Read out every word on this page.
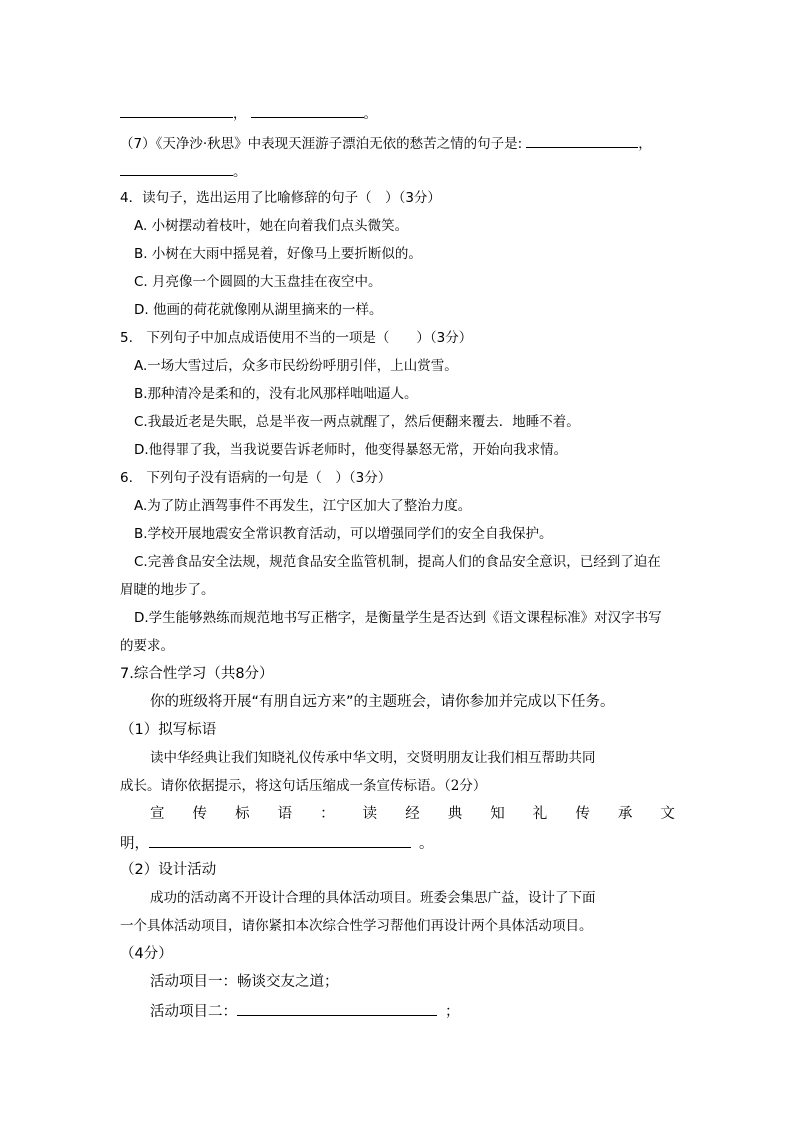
，	。
（7）《天净沙·秋思》中表现天涯游子漂泊无依的愁苦之情的句子是:	，
。
4．读句子，选出运用了比喻修辞的句子（　）（3分）
A. 小树摆动着枝叶，她在向着我们点头微笑。
B. 小树在大雨中摇晃着，好像马上要折断似的。
C. 月亮像一个圆圆的大玉盘挂在夜空中。
D. 他画的荷花就像刚从湖里摘来的一样。
5.　下列句子中加点成语使用不当的一项是（　　）（3分）
A.一场大雪过后，众多市民纷纷呼朋引伴，上山赏雪。
B.那种清冷是柔和的，没有北风那样咄咄逼人。
C.我最近老是失眠，总是半夜一两点就醒了，然后便翻来覆去．地睡不着。
D.他得罪了我，当我说要告诉老师时，他变得暴怒无常，开始向我求情。
6.　下列句子没有语病的一句是（　）（3分）
A.为了防止酒驾事件不再发生，江宁区加大了整治力度。
B.学校开展地震安全常识教育活动，可以增强同学们的安全自我保护。
C.完善食品安全法规，规范食品安全监管机制，提高人们的食品安全意识，已经到了迫在
眉睫的地步了。
D.学生能够熟练而规范地书写正楷字，是衡量学生是否达到《语文课程标准》对汉字书写
的要求。
7.综合性学习（共8分）
你的班级将开展“有朋自远方来”的主题班会，请你参加并完成以下任务。
（1）拟写标语
读中华经典让我们知晓礼仪传承中华文明，交贤明朋友让我们相互帮助共同
成长。请你依据提示，将这句话压缩成一条宣传标语。（2分）
宣 传 标 语 ： 读 经 典 知 礼 传 承 文
明，	。
（2）设计活动
成功的活动离不开设计合理的具体活动项目。班委会集思广益，设计了下面
一个具体活动项目，请你紧扣本次综合性学习帮他们再设计两个具体活动项目。
（4分）
活动项目一：畅谈交友之道；
活动项目二：	；
